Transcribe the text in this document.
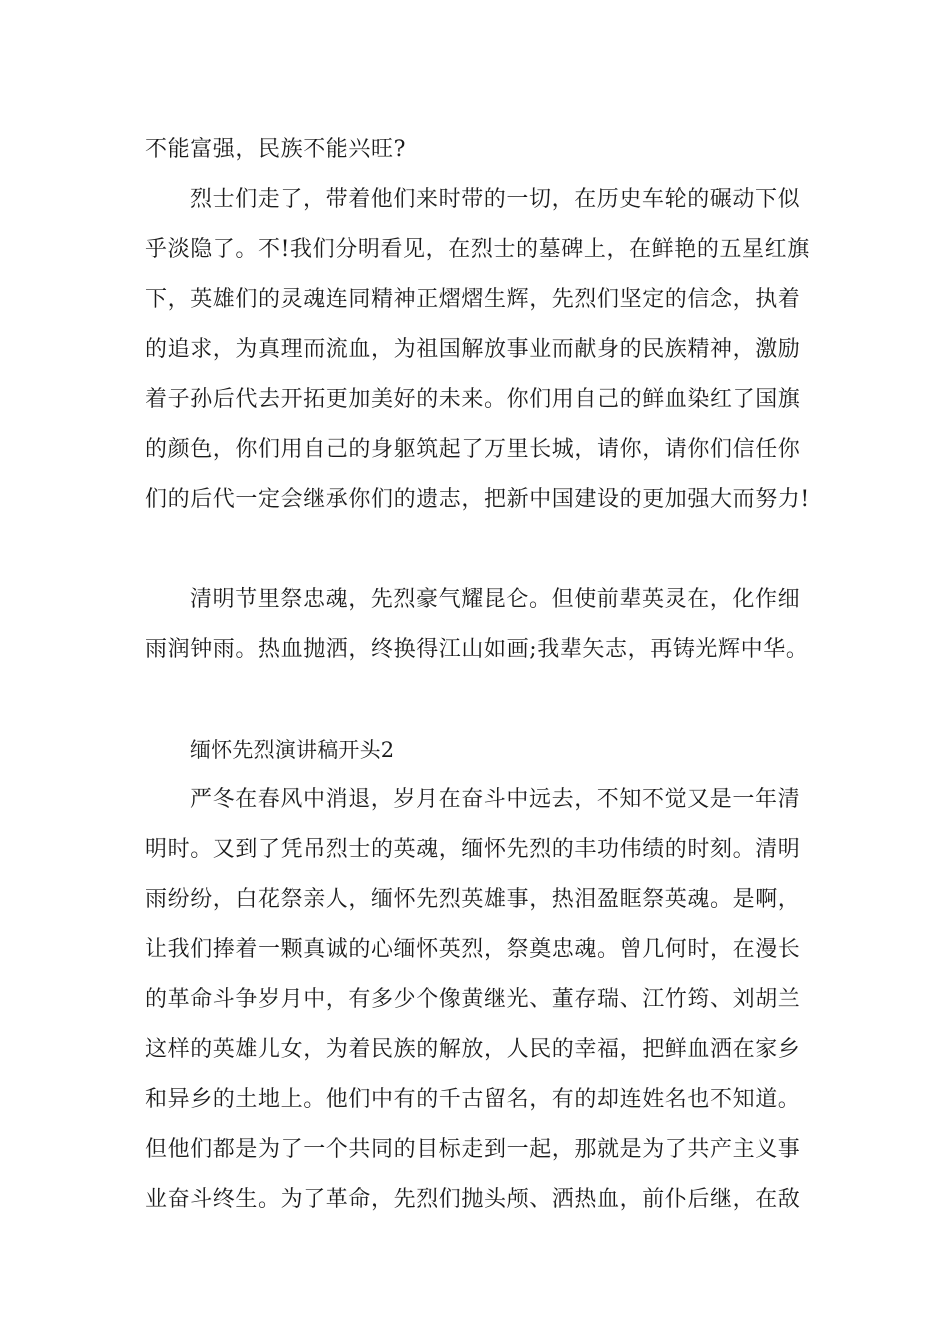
不能富强，民族不能兴旺?
烈士们走了，带着他们来时带的一切，在历史车轮的碾动下似
乎淡隐了。不!我们分明看见，在烈士的墓碑上，在鲜艳的五星红旗
下，英雄们的灵魂连同精神正熠熠生辉，先烈们坚定的信念，执着
的追求，为真理而流血，为祖国解放事业而献身的民族精神，激励
着子孙后代去开拓更加美好的未来。你们用自己的鲜血染红了国旗
的颜色，你们用自己的身躯筑起了万里长城，请你，请你们信任你
们的后代一定会继承你们的遗志，把新中国建设的更加强大而努力!
清明节里祭忠魂，先烈豪气耀昆仑。但使前辈英灵在，化作细
雨润钟雨。热血抛洒，终换得江山如画;我辈矢志，再铸光辉中华。
缅怀先烈演讲稿开头2
严冬在春风中消退，岁月在奋斗中远去，不知不觉又是一年清
明时。又到了凭吊烈士的英魂，缅怀先烈的丰功伟绩的时刻。清明
雨纷纷，白花祭亲人，缅怀先烈英雄事，热泪盈眶祭英魂。是啊，
让我们捧着一颗真诚的心缅怀英烈，祭奠忠魂。曾几何时，在漫长
的革命斗争岁月中，有多少个像黄继光、董存瑞、江竹筠、刘胡兰
这样的英雄儿女，为着民族的解放，人民的幸福，把鲜血洒在家乡
和异乡的土地上。他们中有的千古留名，有的却连姓名也不知道。
但他们都是为了一个共同的目标走到一起，那就是为了共产主义事
业奋斗终生。为了革命，先烈们抛头颅、洒热血，前仆后继，在敌
